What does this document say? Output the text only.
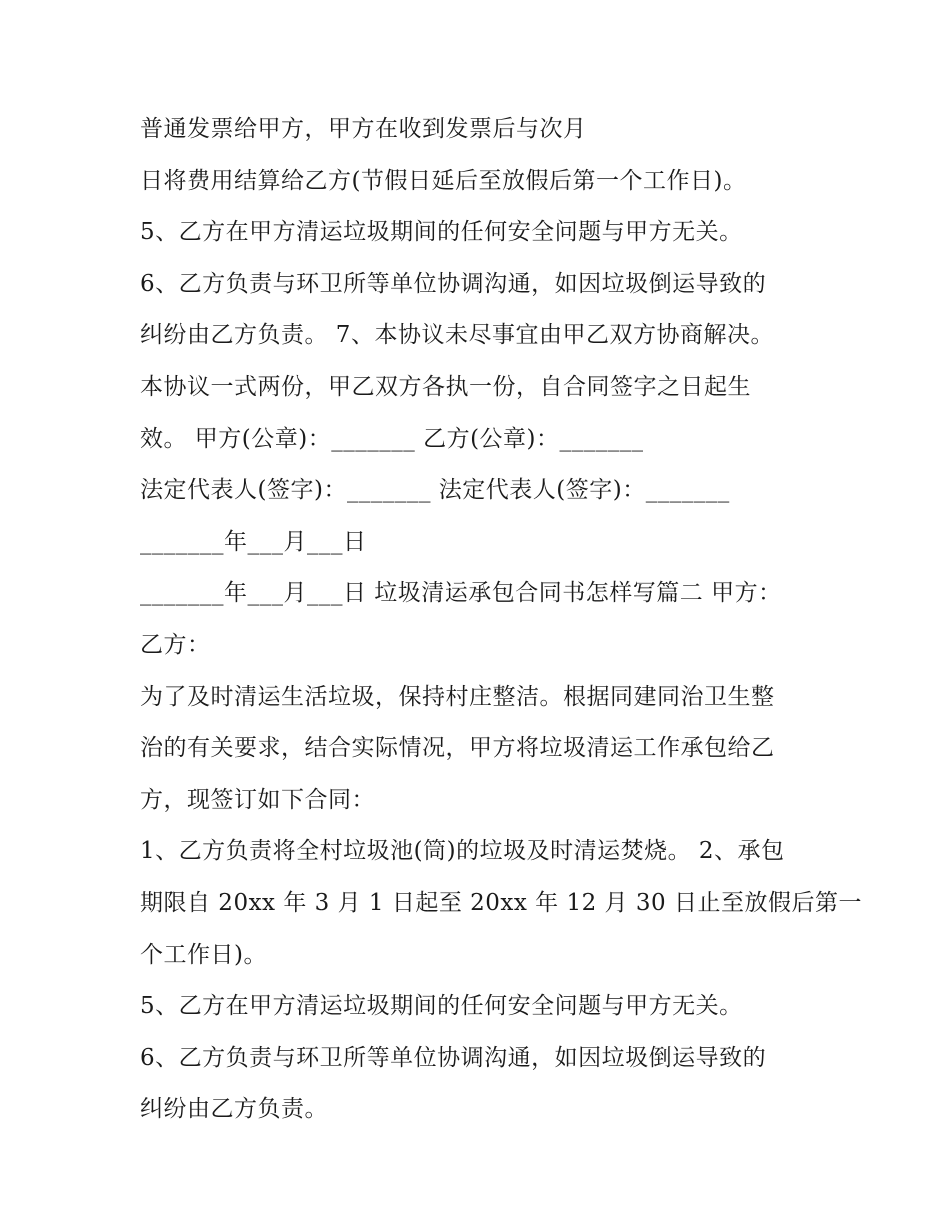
普通发票给甲方，甲方在收到发票后与次月
日将费用结算给乙方(节假日延后至放假后第一个工作日)。
5、乙方在甲方清运垃圾期间的任何安全问题与甲方无关。
6、乙方负责与环卫所等单位协调沟通，如因垃圾倒运导致的
纠纷由乙方负责。 7、本协议未尽事宜由甲乙双方协商解决。
本协议一式两份，甲乙双方各执一份，自合同签字之日起生
效。 甲方(公章)：_______ 乙方(公章)：_______
法定代表人(签字)：_______ 法定代表人(签字)：_______
_______年___月___日
_______年___月___日 垃圾清运承包合同书怎样写篇二 甲方：
乙方：
为了及时清运生活垃圾，保持村庄整洁。根据同建同治卫生整
治的有关要求，结合实际情况，甲方将垃圾清运工作承包给乙
方，现签订如下合同：
1、乙方负责将全村垃圾池(筒)的垃圾及时清运焚烧。 2、承包
期限自 20xx 年 3 月 1 日起至 20xx 年 12 月 30 日止至放假后第一
个工作日)。
5、乙方在甲方清运垃圾期间的任何安全问题与甲方无关。
6、乙方负责与环卫所等单位协调沟通，如因垃圾倒运导致的
纠纷由乙方负责。
